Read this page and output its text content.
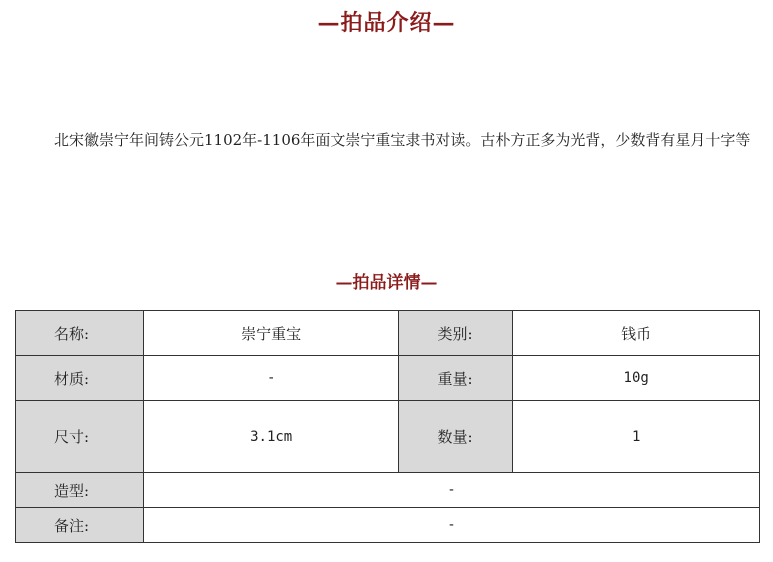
—拍品介绍—
北宋徽崇宁年间铸公元1102年-1106年面文崇宁重宝隶书对读。古朴方正多为光背，少数背有星月十字等
—拍品详情—
名称:	崇宁重宝	类别:	钱币
材质:	-	重量:	10g
尺寸:	3.1cm	数量:	1
造型:	-		
备注:	-		
